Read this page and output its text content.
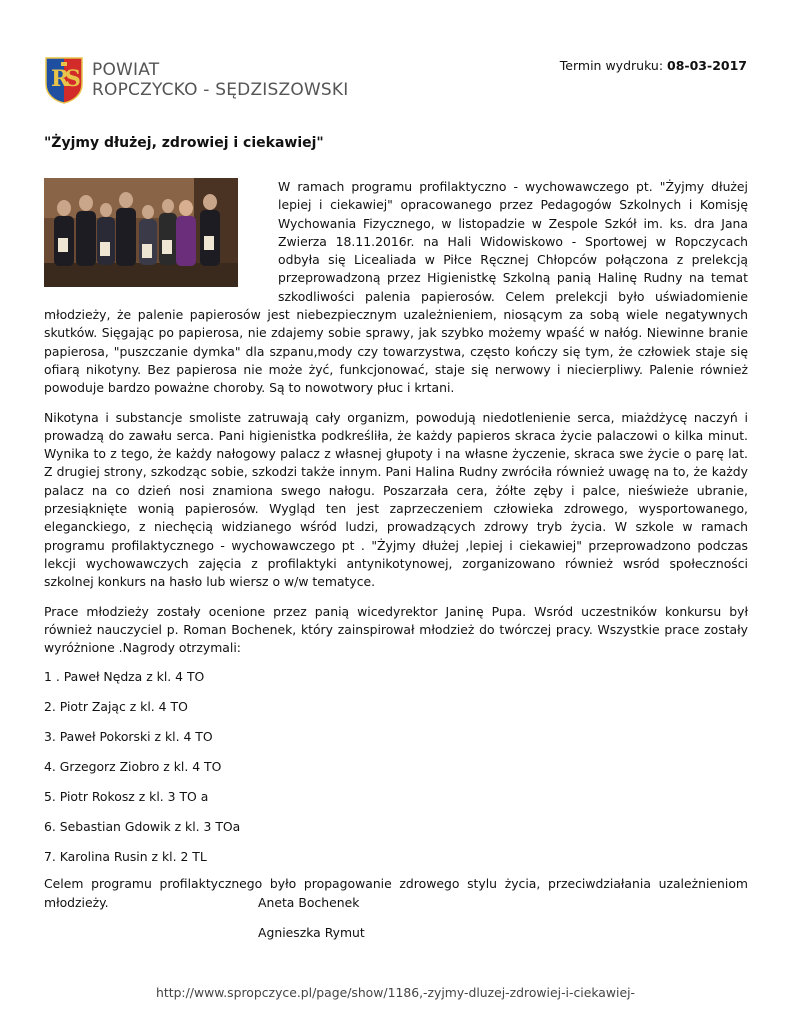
R
S POWIAT
ROPCZYCKO - SĘDZISZOWSKI
Termin wydruku: 08-03-2017
"Żyjmy dłużej, zdrowiej i ciekawiej"

W ramach programu profilaktyczno - wychowawczego pt. "Żyjmy dłużej lepiej i ciekawiej" opracowanego przez Pedagogów Szkolnych i Komisję Wychowania Fizycznego, w listopadzie w Zespole Szkół im. ks. dra Jana Zwierza 18.11.2016r. na Hali Widowiskowo - Sportowej w Ropczycach odbyła się Licealiada w Piłce Ręcznej Chłopców połączona z prelekcją przeprowadzoną przez Higienistkę Szkolną panią Halinę Rudny na temat szkodliwości palenia papierosów. Celem prelekcji było uświadomienie młodzieży, że palenie papierosów jest niebezpiecznym uzależnieniem, niosącym za sobą wiele negatywnych skutków. Sięgając po papierosa, nie zdajemy sobie sprawy, jak szybko możemy wpaść w nałóg. Niewinne branie papierosa, "puszczanie dymka" dla szpanu,mody czy towarzystwa, często kończy się tym, że człowiek staje się ofiarą nikotyny. Bez papierosa nie może żyć, funkcjonować, staje się nerwowy i niecierpliwy. Palenie również powoduje bardzo poważne choroby. Są to nowotwory płuc i krtani.

Nikotyna i substancje smoliste zatruwają cały organizm, powodują niedotlenienie serca, miażdżycę naczyń i prowadzą do zawału serca. Pani higienistka podkreśliła, że każdy papieros skraca życie palaczowi o kilka minut. Wynika to z tego, że każdy nałogowy palacz z własnej głupoty i na własne życzenie, skraca swe życie o parę lat. Z drugiej strony, szkodząc sobie, szkodzi także innym. Pani Halina Rudny zwróciła również uwagę na to, że każdy palacz na co dzień nosi znamiona swego nałogu. Poszarzała cera, żółte zęby i palce, nieświeże ubranie, przesiąknięte wonią papierosów. Wygląd ten jest zaprzeczeniem człowieka zdrowego, wysportowanego, eleganckiego, z niechęcią widzianego wśród ludzi, prowadzących zdrowy tryb życia. W szkole w ramach programu profilaktycznego - wychowawczego pt . "Żyjmy dłużej ,lepiej i ciekawiej" przeprowadzono podczas lekcji wychowawczych zajęcia z profilaktyki antynikotynowej, zorganizowano również wsród społeczności szkolnej konkurs na hasło lub wiersz o w/w tematyce.

Prace młodzieży zostały ocenione przez panią wicedyrektor Janinę Pupa. Wsród uczestników konkursu był również nauczyciel p. Roman Bochenek, który zainspirował młodzież do twórczej pracy. Wszystkie prace zostały wyróżnione .Nagrody otrzymali:

1 . Paweł Nędza z kl. 4 TO
2. Piotr Zając z kl. 4 TO
3. Paweł Pokorski z kl. 4 TO
4. Grzegorz Ziobro z kl. 4 TO
5. Piotr Rokosz z kl. 3 TO a
6. Sebastian Gdowik z kl. 3 TOa
7. Karolina Rusin z kl. 2 TL

Celem programu profilaktycznego było propagowanie zdrowego stylu życia, przeciwdziałania uzależnieniom młodzieży.	Aneta Bochenek
Agnieszka Rymut
http://www.spropczyce.pl/page/show/1186,-zyjmy-dluzej-zdrowiej-i-ciekawiej-
